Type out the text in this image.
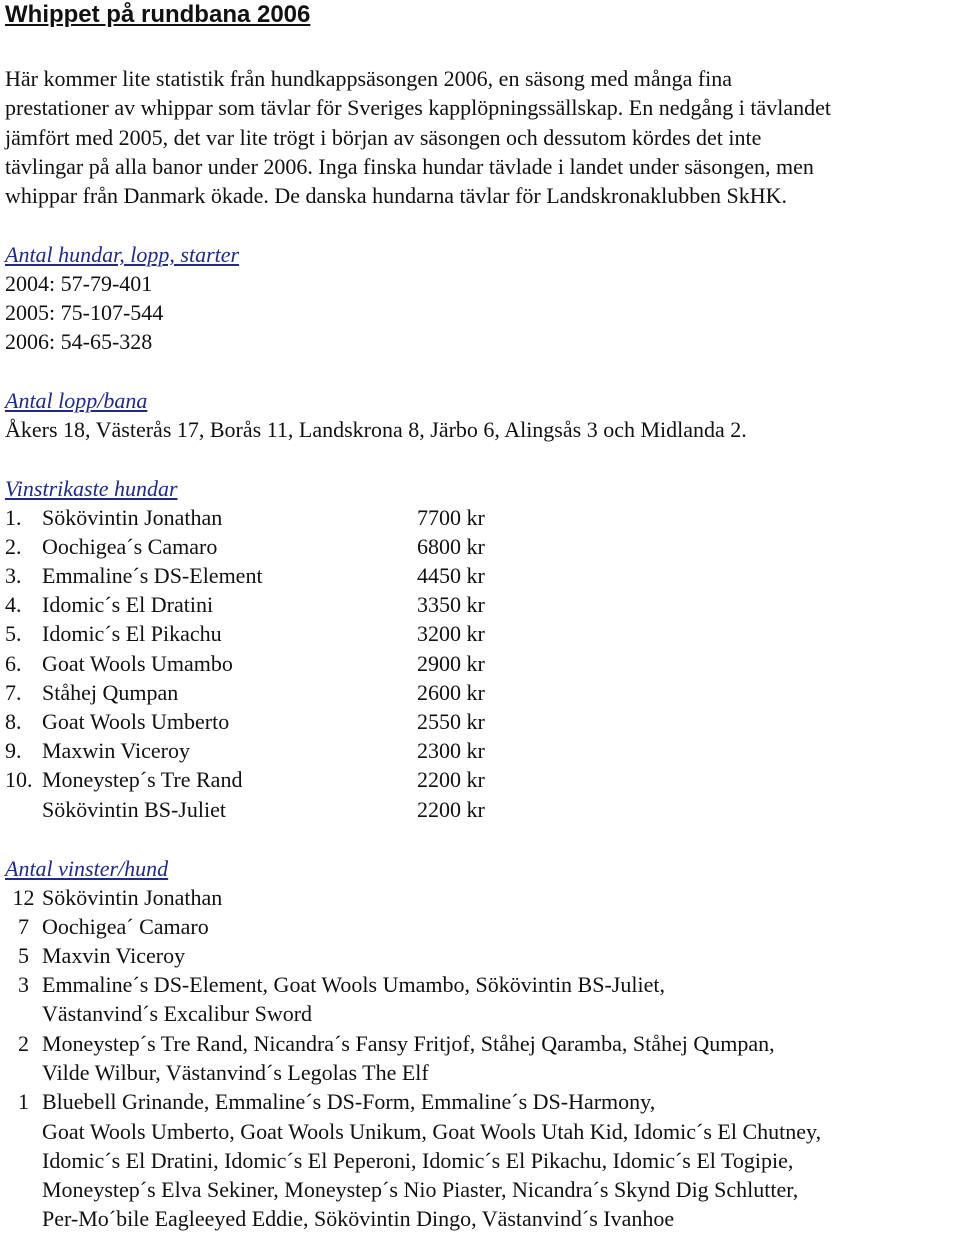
Whippet på rundbana 2006
Här kommer lite statistik från hundkappsäsongen 2006, en säsong med många fina
prestationer av whippar som tävlar för Sveriges kapplöpningssällskap. En nedgång i tävlandet
jämfört med 2005, det var lite trögt i början av säsongen och dessutom kördes det inte
tävlingar på alla banor under 2006. Inga finska hundar tävlade i landet under säsongen, men
whippar från Danmark ökade. De danska hundarna tävlar för Landskronaklubben SkHK.
Antal hundar, lopp, starter
2004: 57-79-401
2005: 75-107-544
2006: 54-65-328
Antal lopp/bana
Åkers 18, Västerås 17, Borås 11, Landskrona 8, Järbo 6, Alingsås 3 och Midlanda 2.
Vinstrikaste hundar
1. Sökövintin Jonathan	7700 kr
2. Oochigea´s Camaro	6800 kr
3. Emmaline´s DS-Element	4450 kr
4. Idomic´s El Dratini	3350 kr
5. Idomic´s El Pikachu	3200 kr
6. Goat Wools Umambo	2900 kr
7. Ståhej Qumpan	2600 kr
8. Goat Wools Umberto	2550 kr
9. Maxwin Viceroy	2300 kr
10. Moneystep´s Tre Rand	2200 kr
Sökövintin BS-Juliet	2200 kr
Antal vinster/hund
12 Sökövintin Jonathan
7 Oochigea´ Camaro
5 Maxvin Viceroy
3 Emmaline´s DS-Element, Goat Wools Umambo, Sökövintin BS-Juliet,
Västanvind´s Excalibur Sword
2 Moneystep´s Tre Rand, Nicandra´s Fansy Fritjof, Ståhej Qaramba, Ståhej Qumpan,
Vilde Wilbur, Västanvind´s Legolas The Elf
1 Bluebell Grinande, Emmaline´s DS-Form, Emmaline´s DS-Harmony,
Goat Wools Umberto, Goat Wools Unikum, Goat Wools Utah Kid, Idomic´s El Chutney,
Idomic´s El Dratini, Idomic´s El Peperoni, Idomic´s El Pikachu, Idomic´s El Togipie,
Moneystep´s Elva Sekiner, Moneystep´s Nio Piaster, Nicandra´s Skynd Dig Schlutter,
Per-Mo´bile Eagleeyed Eddie, Sökövintin Dingo, Västanvind´s Ivanhoe
